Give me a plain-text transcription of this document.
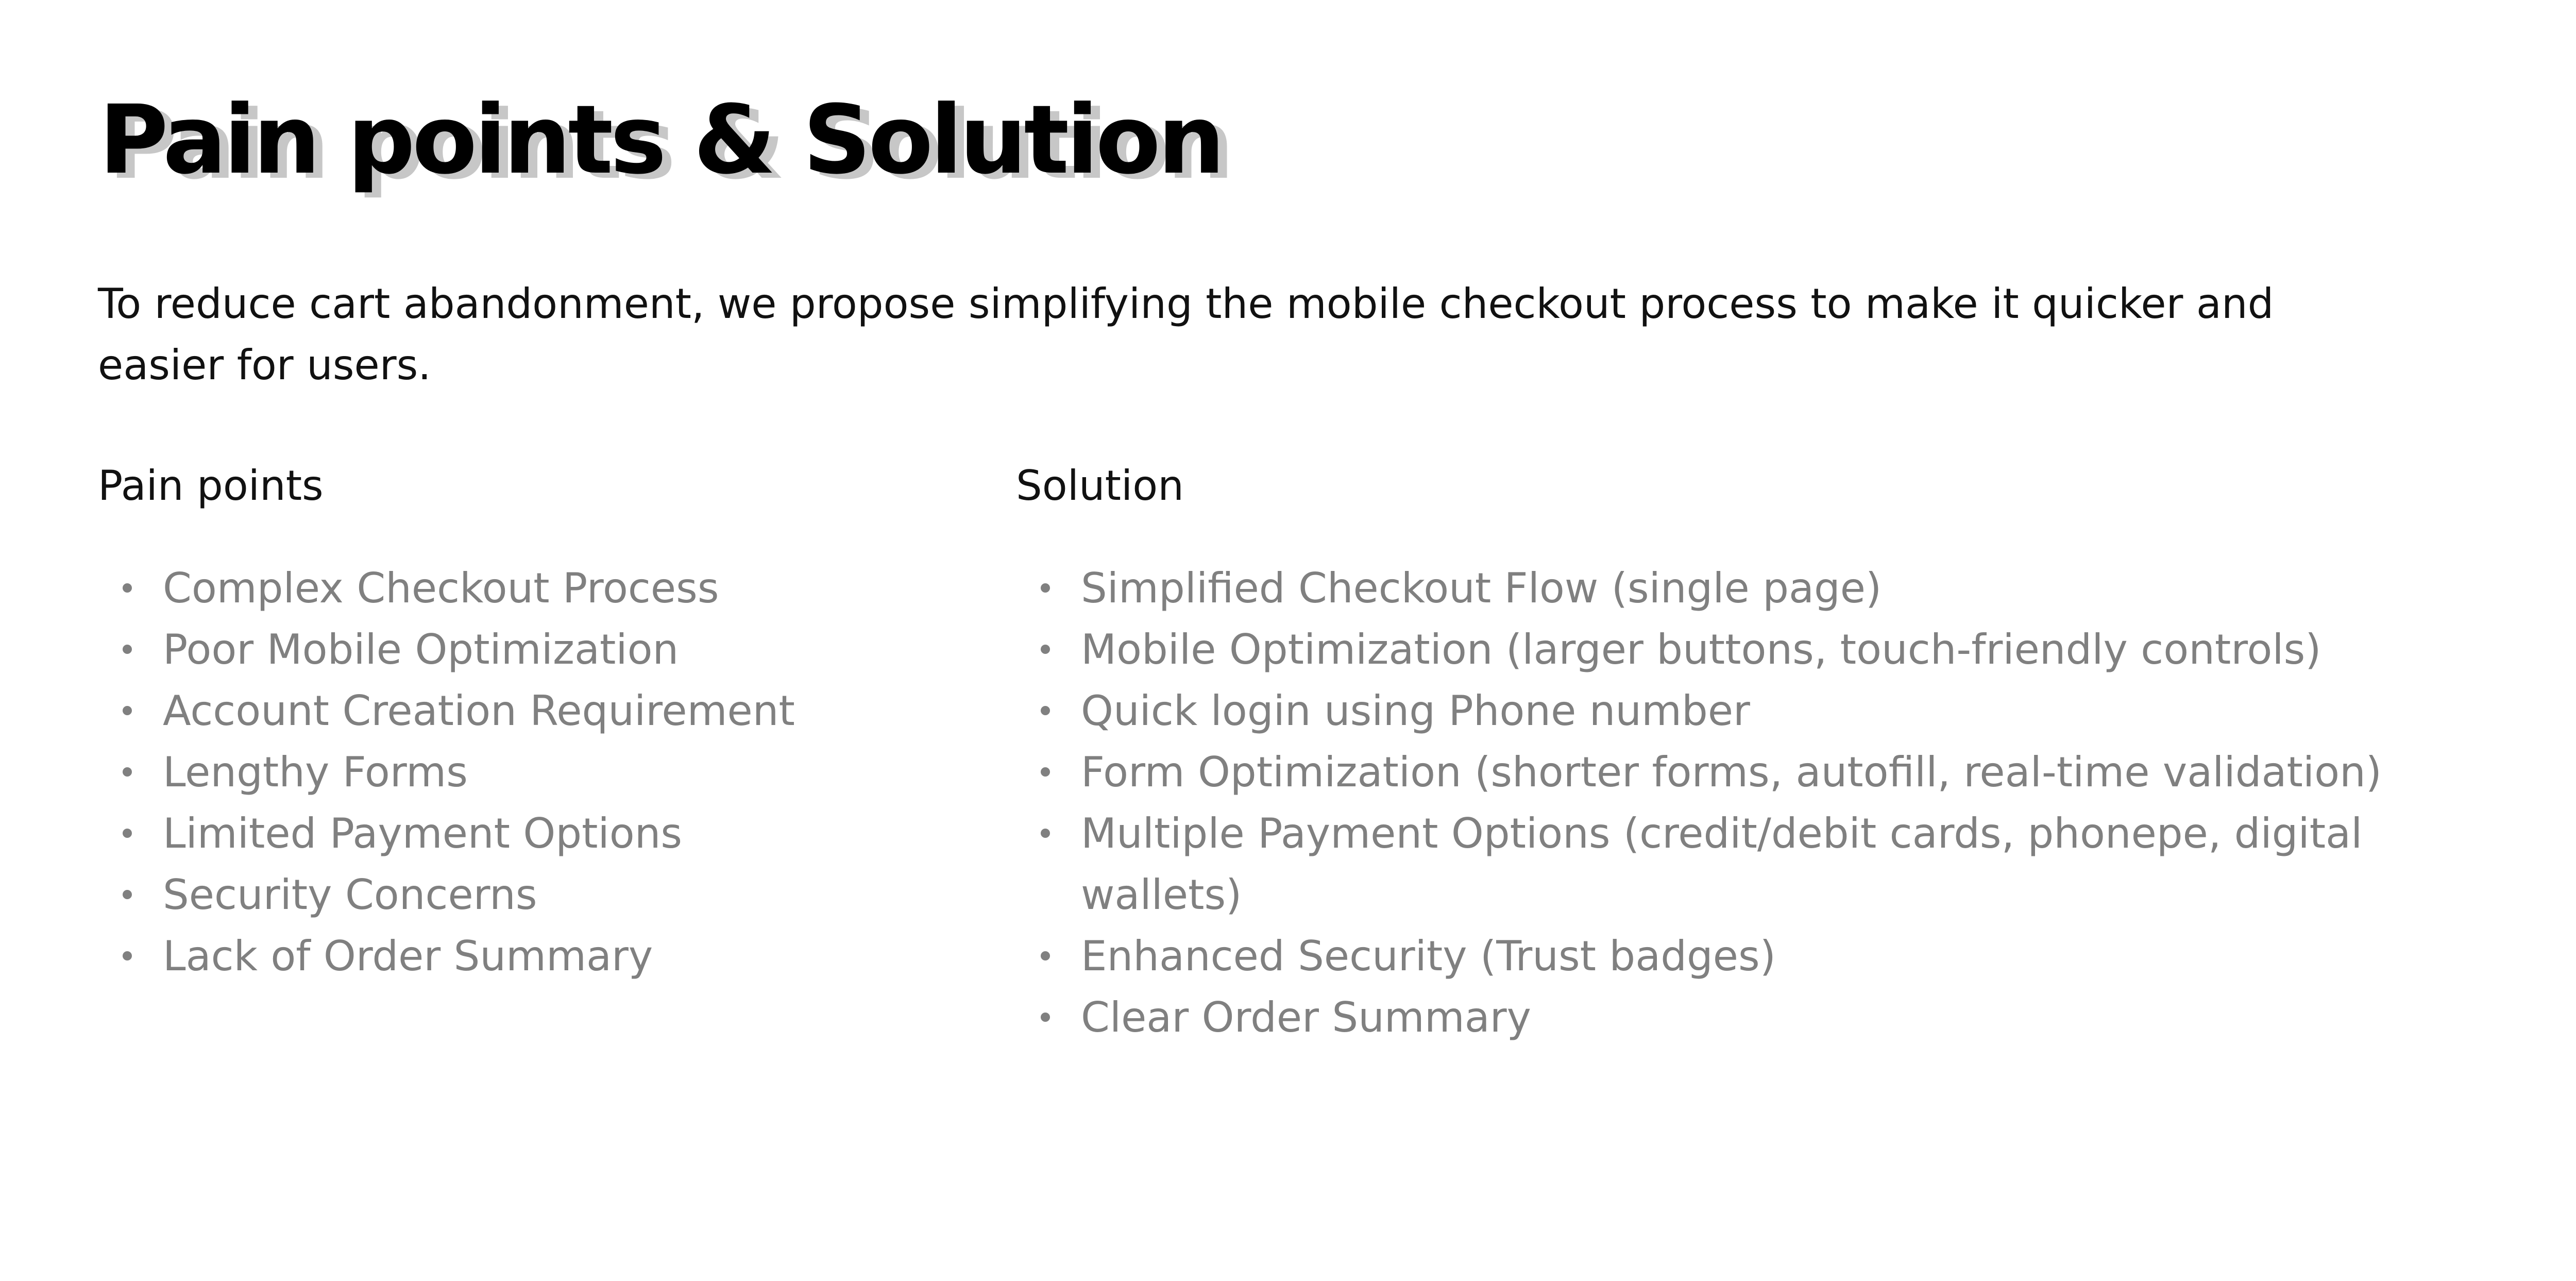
Pain points & Solution

To reduce cart abandonment, we propose simplifying the mobile checkout process to make it quicker and easier for users.

Pain points
Complex Checkout Process
Poor Mobile Optimization
Account Creation Requirement
Lengthy Forms
Limited Payment Options
Security Concerns
Lack of Order Summary
Solution
Simplified Checkout Flow (single page)
Mobile Optimization (larger buttons, touch-friendly controls)
Quick login using Phone number
Form Optimization (shorter forms, autofill, real-time validation)
Multiple Payment Options (credit/debit cards, phonepe, digital wallets)
Enhanced Security (Trust badges)
Clear Order Summary
